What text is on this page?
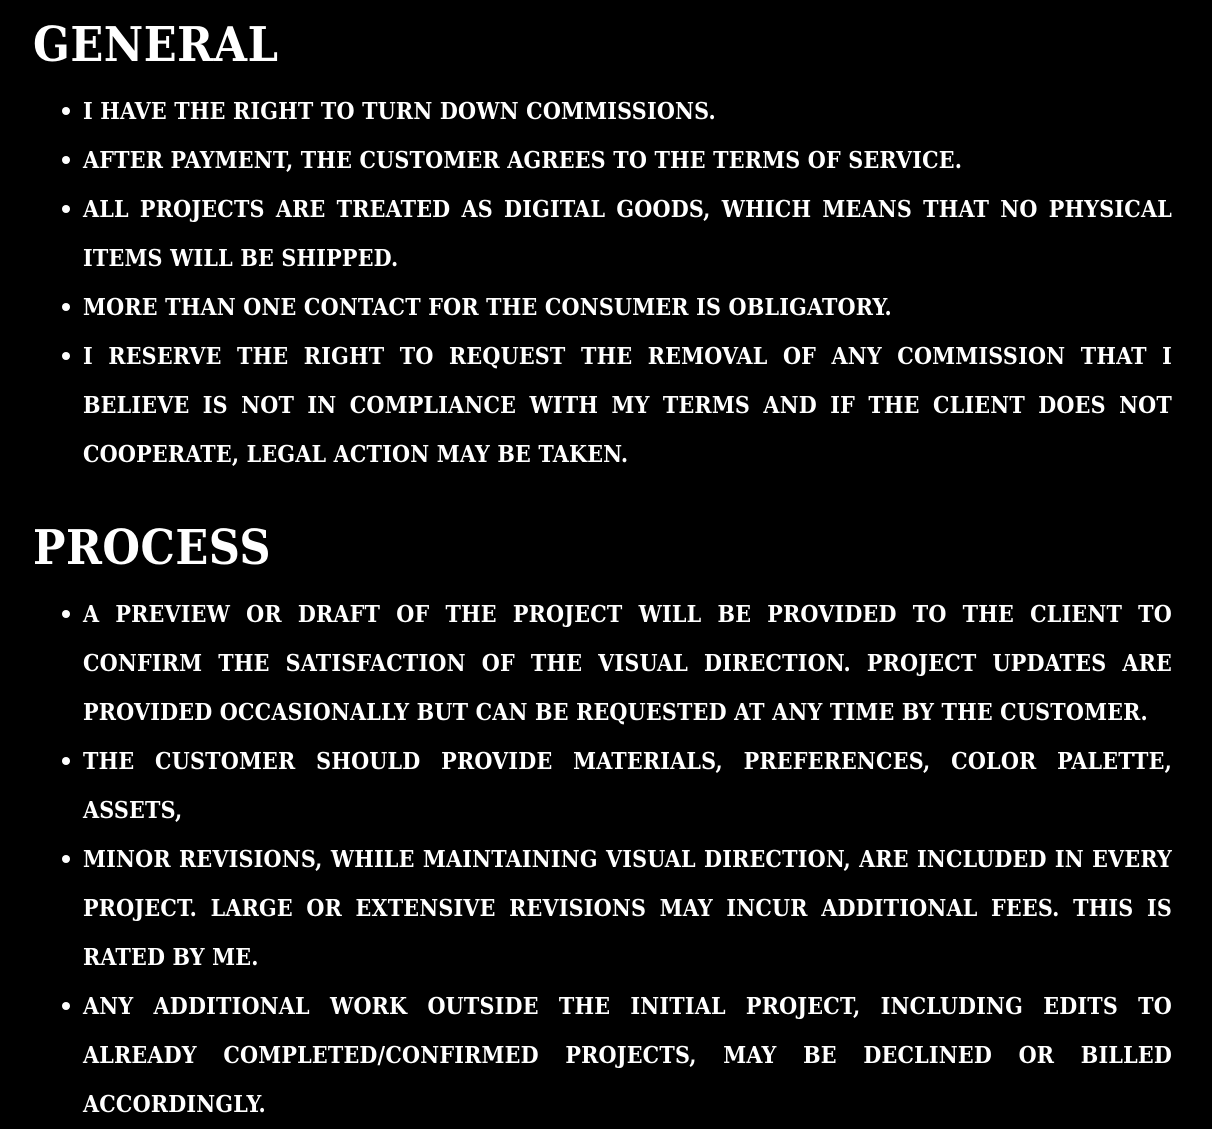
GENERAL
I HAVE THE RIGHT TO TURN DOWN COMMISSIONS.
AFTER PAYMENT, THE CUSTOMER AGREES TO THE TERMS OF SERVICE.
ALL PROJECTS ARE TREATED AS DIGITAL GOODS, WHICH MEANS THAT NO PHYSICAL ITEMS WILL BE SHIPPED.
MORE THAN ONE CONTACT FOR THE CONSUMER IS OBLIGATORY.
I RESERVE THE RIGHT TO REQUEST THE REMOVAL OF ANY COMMISSION THAT I BELIEVE IS NOT IN COMPLIANCE WITH MY TERMS AND IF THE CLIENT DOES NOT COOPERATE, LEGAL ACTION MAY BE TAKEN.
PROCESS
A PREVIEW OR DRAFT OF THE PROJECT WILL BE PROVIDED TO THE CLIENT TO CONFIRM THE SATISFACTION OF THE VISUAL DIRECTION. PROJECT UPDATES ARE PROVIDED OCCASIONALLY BUT CAN BE REQUESTED AT ANY TIME BY THE CUSTOMER.
THE CUSTOMER SHOULD PROVIDE MATERIALS, PREFERENCES, COLOR PALETTE, ASSETS,
MINOR REVISIONS, WHILE MAINTAINING VISUAL DIRECTION, ARE INCLUDED IN EVERY PROJECT. LARGE OR EXTENSIVE REVISIONS MAY INCUR ADDITIONAL FEES. THIS IS RATED BY ME.
ANY ADDITIONAL WORK OUTSIDE THE INITIAL PROJECT, INCLUDING EDITS TO ALREADY COMPLETED/CONFIRMED PROJECTS, MAY BE DECLINED OR BILLED ACCORDINGLY.
